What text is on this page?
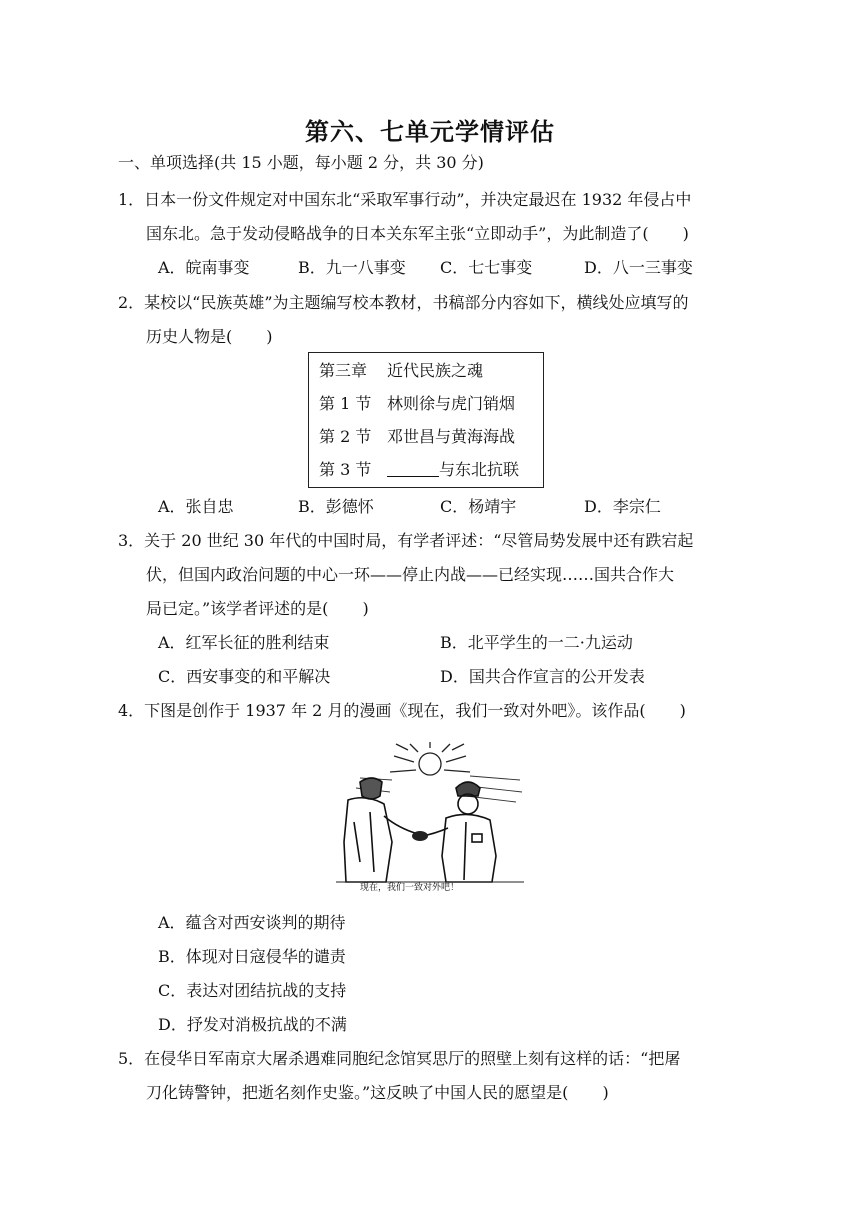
第六、七单元学情评估
一、单项选择(共 15 小题，每小题 2 分，共 30 分)
1．日本一份文件规定对中国东北“采取军事行动”，并决定最迟在 1932 年侵占中
国东北。急于发动侵略战争的日本关东军主张“立即动手”，为此制造了( )
A．皖南事变	B．九一八事变 C．七七事变	D．八一三事变
2．某校以“民族英雄”为主题编写校本教材，书稿部分内容如下，横线处应填写的
历史人物是( )
第三章 近代民族之魂
第 1 节 林则徐与虎门销烟
第 2 节 邓世昌与黄海海战
第 3 节	与东北抗联
A．张自忠	B．彭德怀	C．杨靖宇	D．李宗仁
3．关于 20 世纪 30 年代的中国时局，有学者评述：“尽管局势发展中还有跌宕起
伏，但国内政治问题的中心一环——停止内战——已经实现……国共合作大
局已定。”该学者评述的是( )
A．红军长征的胜利结束	B．北平学生的一二·九运动
C．西安事变的和平解决	D．国共合作宣言的公开发表
4．下图是创作于 1937 年 2 月的漫画《现在，我们一致对外吧》。该作品( )
现在，我们一致对外吧！
A．蕴含对西安谈判的期待
B．体现对日寇侵华的谴责
C．表达对团结抗战的支持
D．抒发对消极抗战的不满
5．在侵华日军南京大屠杀遇难同胞纪念馆冥思厅的照壁上刻有这样的话：“把屠
刀化铸警钟，把逝名刻作史鉴。”这反映了中国人民的愿望是( )
